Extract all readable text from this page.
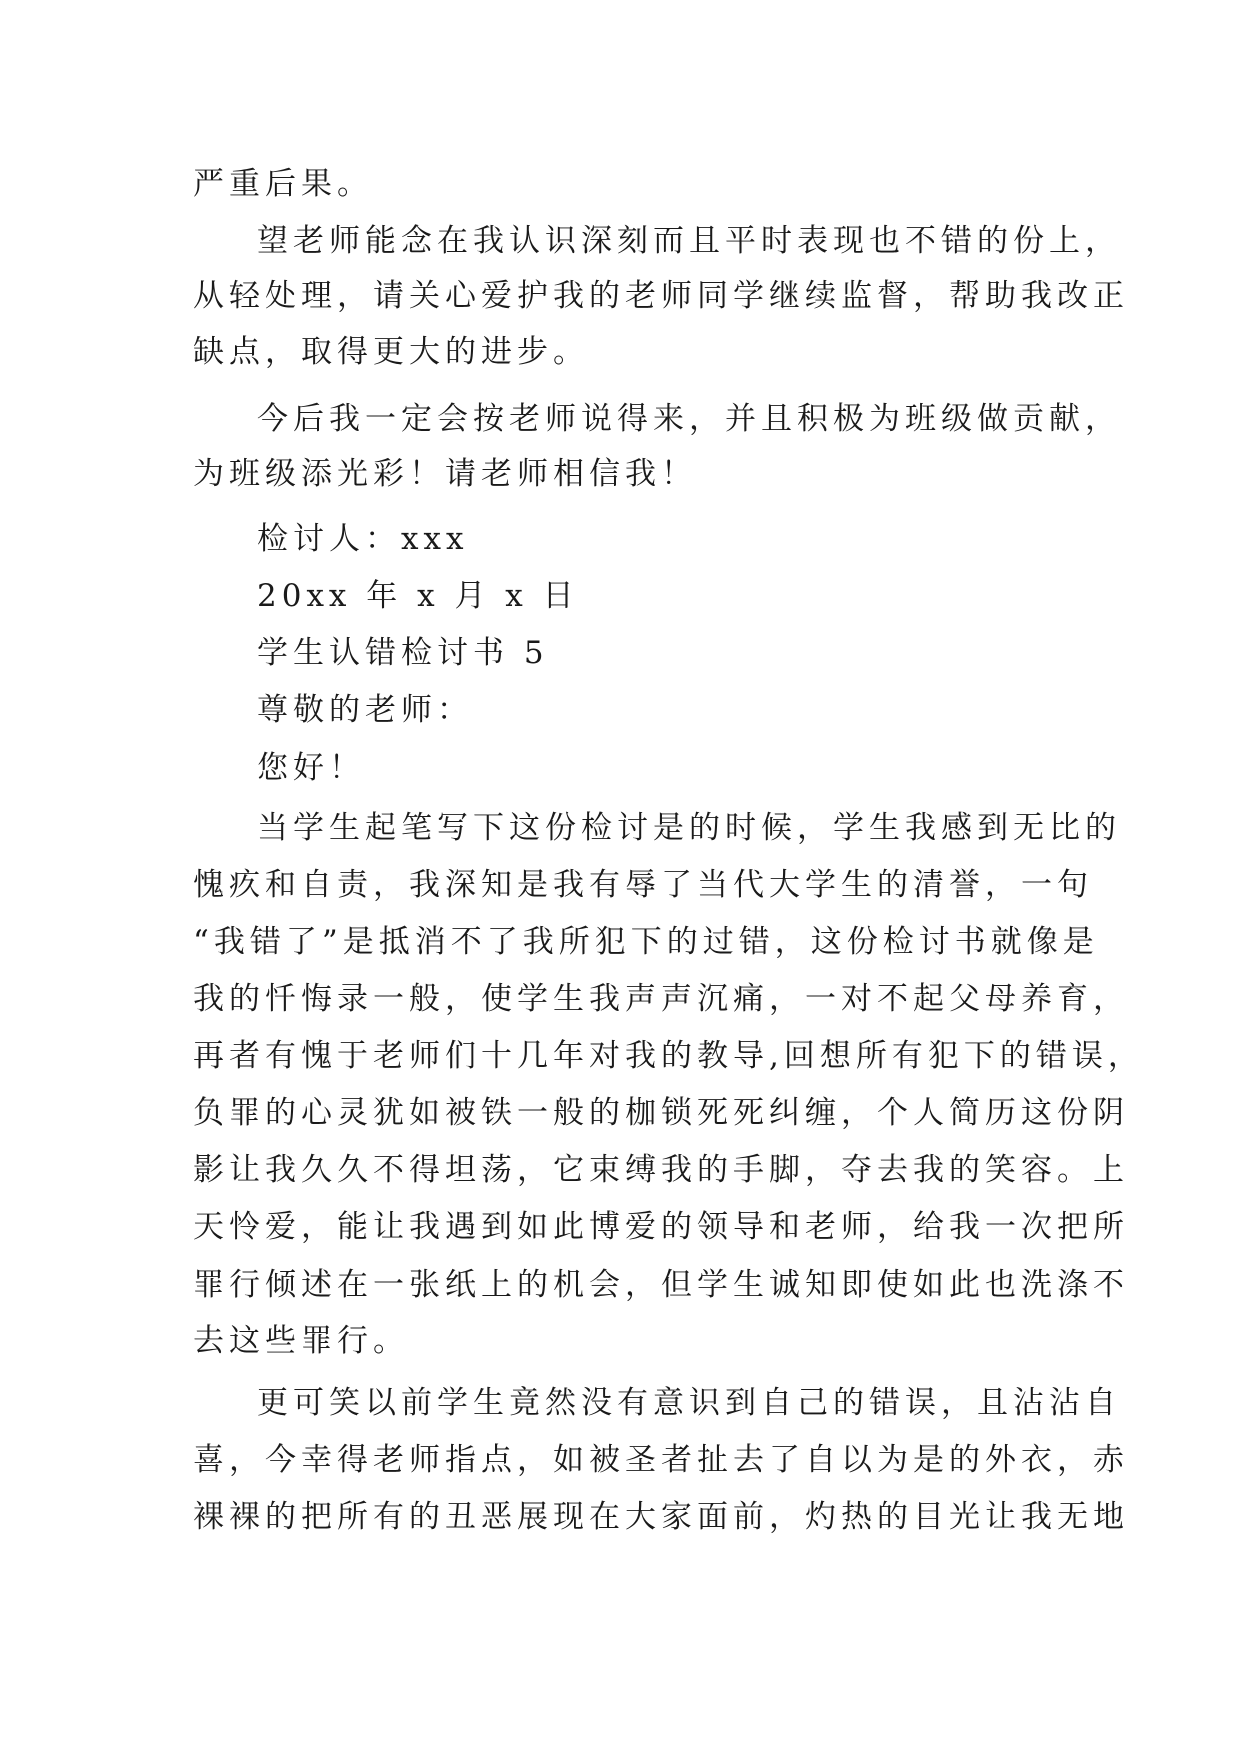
严重后果。
望老师能念在我认识深刻而且平时表现也不错的份上，
从轻处理，请关心爱护我的老师同学继续监督，帮助我改正
缺点，取得更大的进步。
今后我一定会按老师说得来，并且积极为班级做贡献，
为班级添光彩！请老师相信我！
检讨人：xxx
20xx 年 x 月 x 日
学生认错检讨书 5
尊敬的老师：
您好！
当学生起笔写下这份检讨是的时候，学生我感到无比的
愧疚和自责，我深知是我有辱了当代大学生的清誉，一句
“我错了”是抵消不了我所犯下的过错，这份检讨书就像是
我的忏悔录一般，使学生我声声沉痛，一对不起父母养育，
再者有愧于老师们十几年对我的教导,回想所有犯下的错误，
负罪的心灵犹如被铁一般的枷锁死死纠缠，个人简历这份阴
影让我久久不得坦荡，它束缚我的手脚，夺去我的笑容。上
天怜爱，能让我遇到如此博爱的领导和老师，给我一次把所
罪行倾述在一张纸上的机会，但学生诚知即使如此也洗涤不
去这些罪行。
更可笑以前学生竟然没有意识到自己的错误，且沾沾自
喜，今幸得老师指点，如被圣者扯去了自以为是的外衣，赤
裸裸的把所有的丑恶展现在大家面前，灼热的目光让我无地
